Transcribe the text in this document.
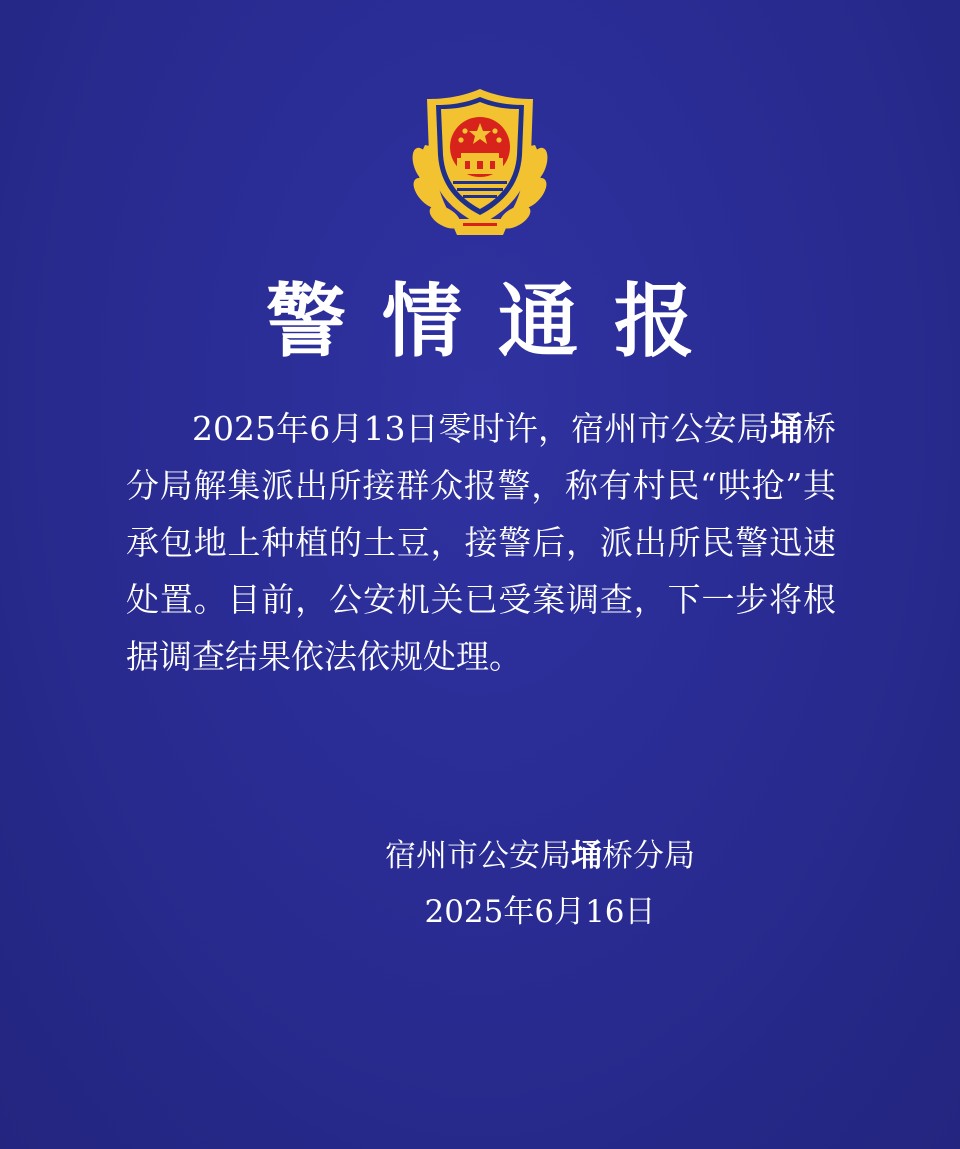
警情通报

2025年6月13日零时许，宿州市公安局埇桥分局解集派出所接群众报警，称有村民“哄抢”其承包地上种植的土豆，接警后，派出所民警迅速处置。目前，公安机关已受案调查，下一步将根据调查结果依法依规处理。

宿州市公安局埇桥分局
2025年6月16日
